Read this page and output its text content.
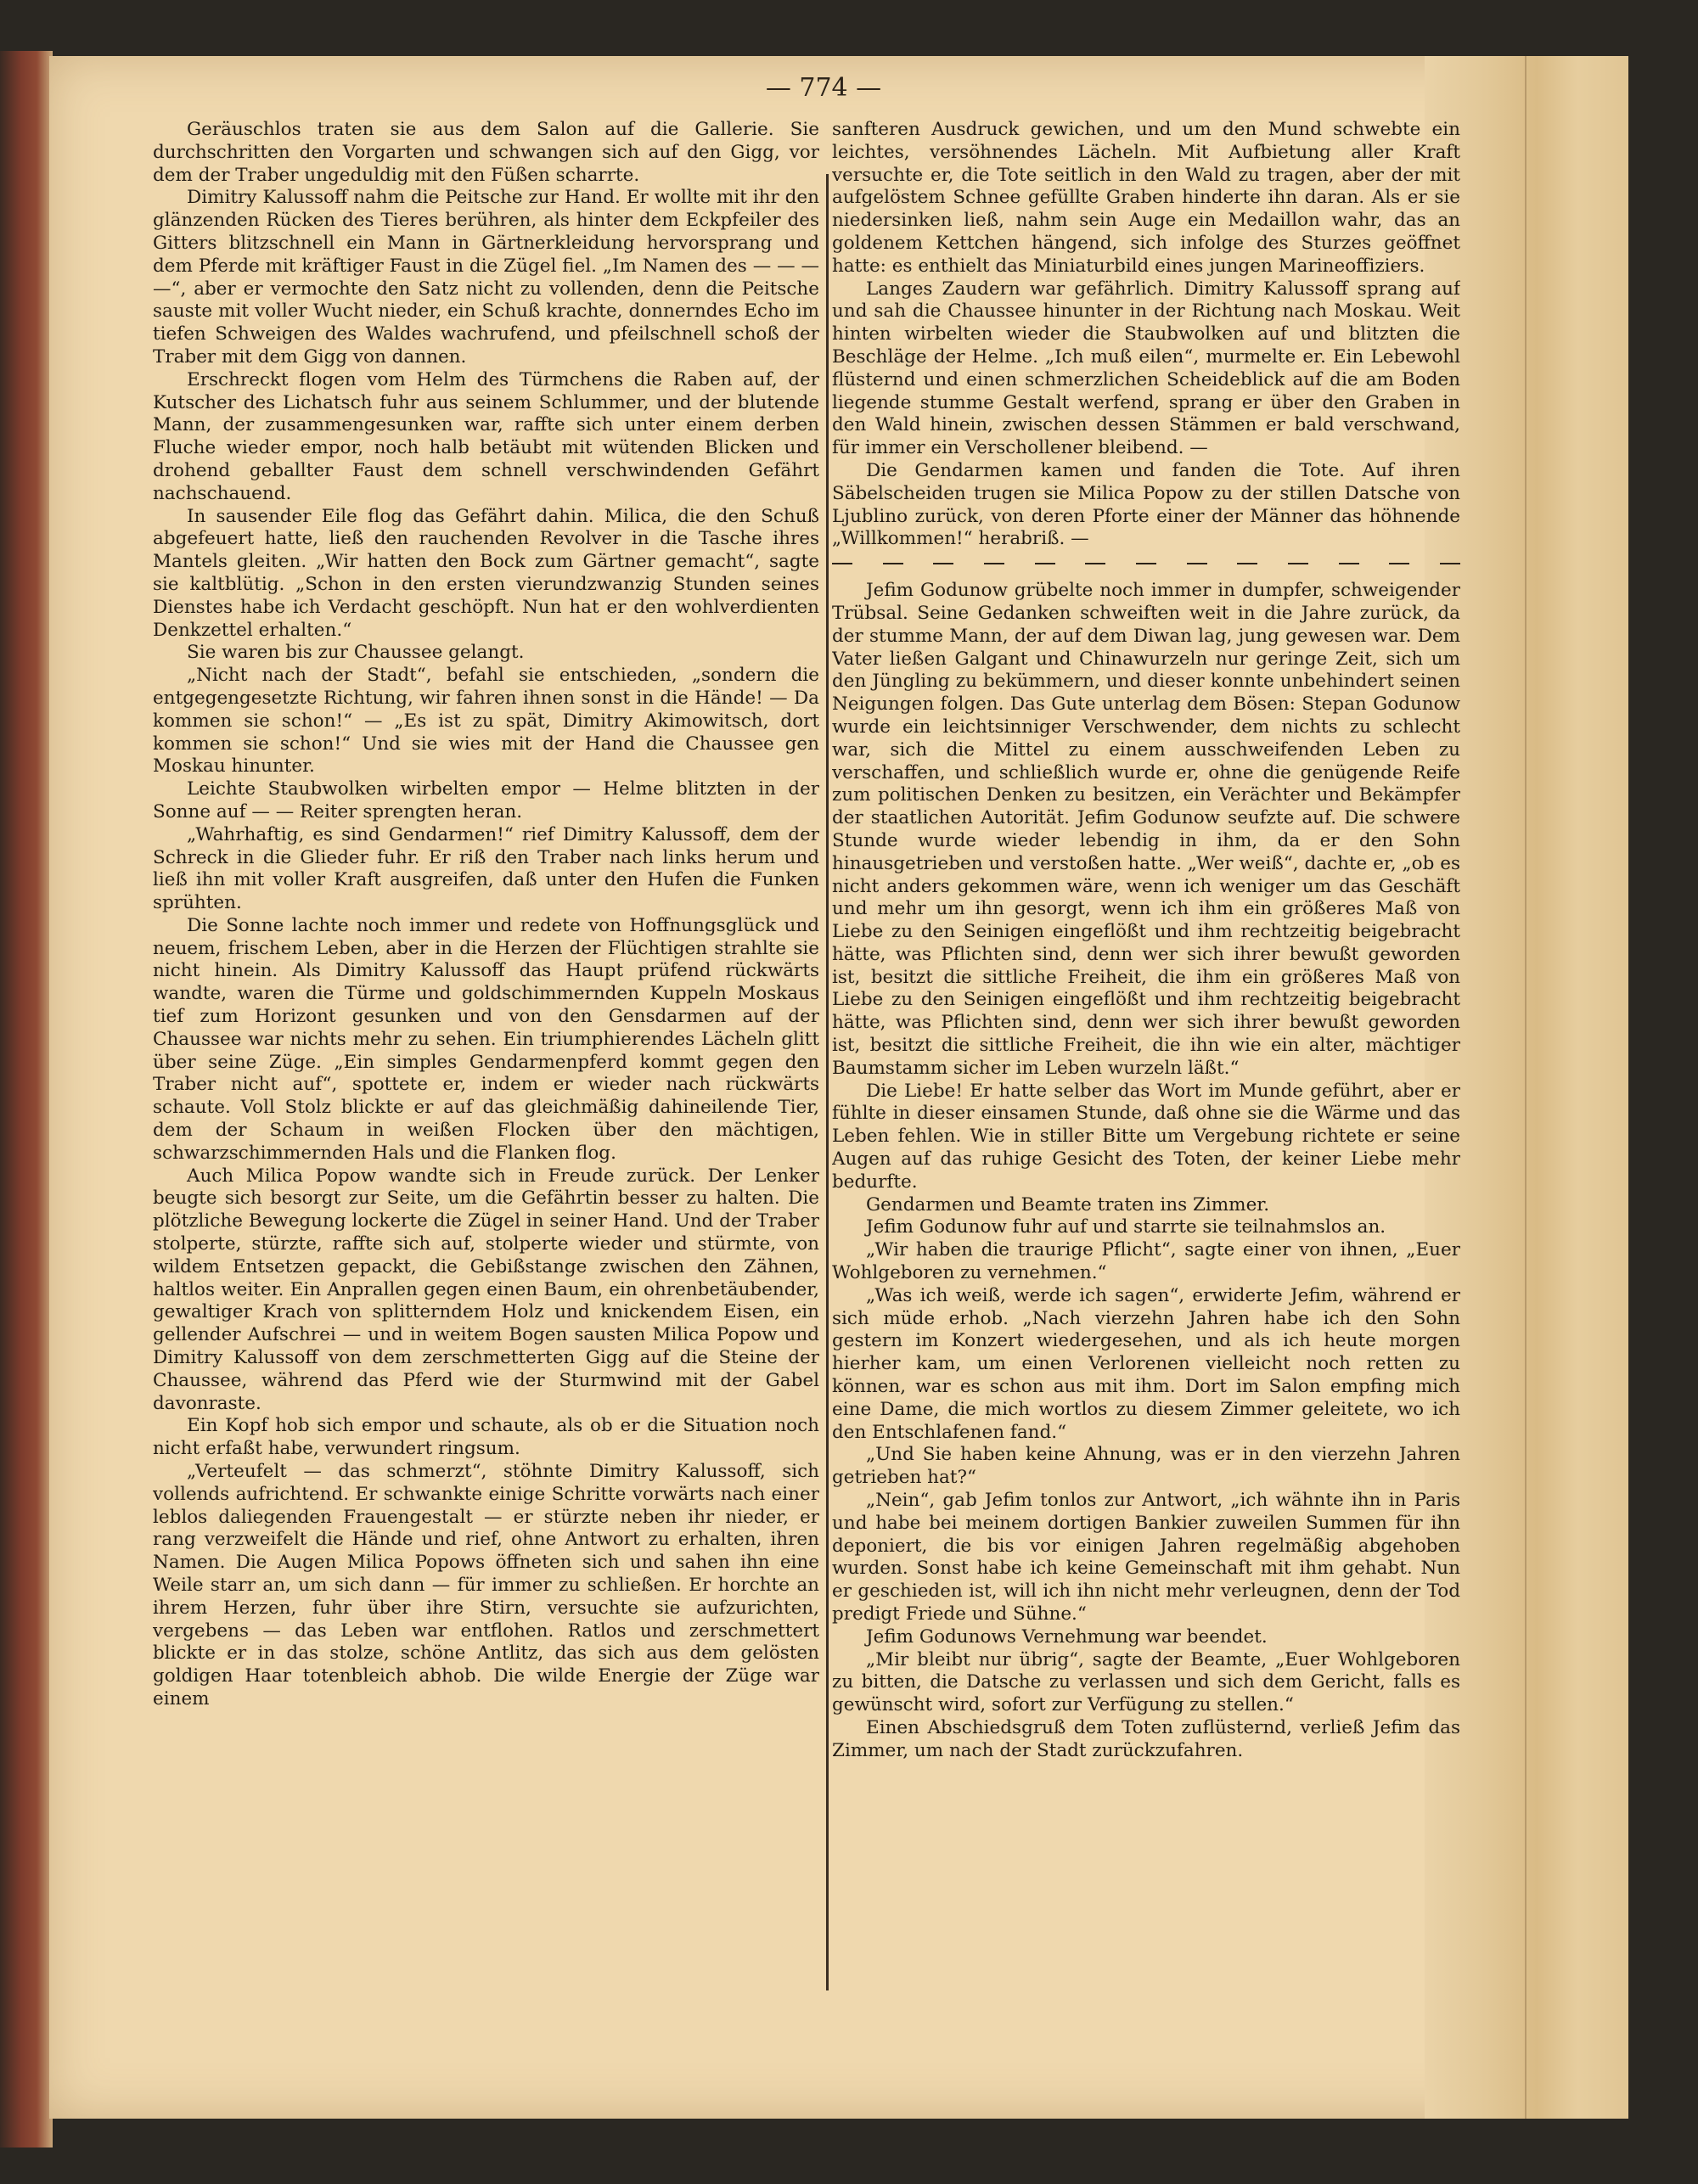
— 774 —

Geräuschlos traten sie aus dem Salon auf die Gallerie. Sie durchschritten den Vorgarten und schwangen sich auf den Gigg, vor dem der Traber ungeduldig mit den Füßen scharrte.

Dimitry Kalussoff nahm die Peitsche zur Hand. Er wollte mit ihr den glänzenden Rücken des Tieres berühren, als hinter dem Eckpfeiler des Gitters blitzschnell ein Mann in Gärtnerkleidung hervorsprang und dem Pferde mit kräftiger Faust in die Zügel fiel. „Im Namen des — — — —“, aber er vermochte den Satz nicht zu vollenden, denn die Peitsche sauste mit voller Wucht nieder, ein Schuß krachte, donnerndes Echo im tiefen Schweigen des Waldes wachrufend, und pfeilschnell schoß der Traber mit dem Gigg von dannen.

Erschreckt flogen vom Helm des Türmchens die Raben auf, der Kutscher des Lichatsch fuhr aus seinem Schlummer, und der blutende Mann, der zusammengesunken war, raffte sich unter einem derben Fluche wieder empor, noch halb betäubt mit wütenden Blicken und drohend geballter Faust dem schnell verschwindenden Gefährt nachschauend.

In sausender Eile flog das Gefährt dahin. Milica, die den Schuß abgefeuert hatte, ließ den rauchenden Revolver in die Tasche ihres Mantels gleiten. „Wir hatten den Bock zum Gärtner gemacht“, sagte sie kaltblütig. „Schon in den ersten vierundzwanzig Stunden seines Dienstes habe ich Verdacht geschöpft. Nun hat er den wohlverdienten Denkzettel erhalten.“

Sie waren bis zur Chaussee gelangt.

„Nicht nach der Stadt“, befahl sie entschieden, „sondern die entgegengesetzte Richtung, wir fahren ihnen sonst in die Hände! — Da kommen sie schon!“ — „Es ist zu spät, Dimitry Akimowitsch, dort kommen sie schon!“ Und sie wies mit der Hand die Chaussee gen Moskau hinunter.

Leichte Staubwolken wirbelten empor — Helme blitzten in der Sonne auf — — Reiter sprengten heran.

„Wahrhaftig, es sind Gendarmen!“ rief Dimitry Kalussoff, dem der Schreck in die Glieder fuhr. Er riß den Traber nach links herum und ließ ihn mit voller Kraft ausgreifen, daß unter den Hufen die Funken sprühten.

Die Sonne lachte noch immer und redete von Hoffnungsglück und neuem, frischem Leben, aber in die Herzen der Flüchtigen strahlte sie nicht hinein. Als Dimitry Kalussoff das Haupt prüfend rückwärts wandte, waren die Türme und goldschimmernden Kuppeln Moskaus tief zum Horizont gesunken und von den Gensdarmen auf der Chaussee war nichts mehr zu sehen. Ein triumphierendes Lächeln glitt über seine Züge. „Ein simples Gendarmenpferd kommt gegen den Traber nicht auf“, spottete er, indem er wieder nach rückwärts schaute. Voll Stolz blickte er auf das gleichmäßig dahineilende Tier, dem der Schaum in weißen Flocken über den mächtigen, schwarzschimmernden Hals und die Flanken flog.

Auch Milica Popow wandte sich in Freude zurück. Der Lenker beugte sich besorgt zur Seite, um die Gefährtin besser zu halten. Die plötzliche Bewegung lockerte die Zügel in seiner Hand. Und der Traber stolperte, stürzte, raffte sich auf, stolperte wieder und stürmte, von wildem Entsetzen gepackt, die Gebißstange zwischen den Zähnen, haltlos weiter. Ein Anprallen gegen einen Baum, ein ohrenbetäubender, gewaltiger Krach von splitterndem Holz und knickendem Eisen, ein gellender Aufschrei — und in weitem Bogen sausten Milica Popow und Dimitry Kalussoff von dem zerschmetterten Gigg auf die Steine der Chaussee, während das Pferd wie der Sturmwind mit der Gabel davonraste.

Ein Kopf hob sich empor und schaute, als ob er die Situation noch nicht erfaßt habe, verwundert ringsum.

„Verteufelt — das schmerzt“, stöhnte Dimitry Kalussoff, sich vollends aufrichtend. Er schwankte einige Schritte vorwärts nach einer leblos daliegenden Frauengestalt — er stürzte neben ihr nieder, er rang verzweifelt die Hände und rief, ohne Antwort zu erhalten, ihren Namen. Die Augen Milica Popows öffneten sich und sahen ihn eine Weile starr an, um sich dann — für immer zu schließen. Er horchte an ihrem Herzen, fuhr über ihre Stirn, versuchte sie aufzurichten, vergebens — das Leben war entflohen. Ratlos und zerschmettert blickte er in das stolze, schöne Antlitz, das sich aus dem gelösten goldigen Haar totenbleich abhob. Die wilde Energie der Züge war einem

sanfteren Ausdruck gewichen, und um den Mund schwebte ein leichtes, versöhnendes Lächeln. Mit Aufbietung aller Kraft versuchte er, die Tote seitlich in den Wald zu tragen, aber der mit aufgelöstem Schnee gefüllte Graben hinderte ihn daran. Als er sie niedersinken ließ, nahm sein Auge ein Medaillon wahr, das an goldenem Kettchen hängend, sich infolge des Sturzes geöffnet hatte: es enthielt das Miniaturbild eines jungen Marineoffiziers.

Langes Zaudern war gefährlich. Dimitry Kalussoff sprang auf und sah die Chaussee hinunter in der Richtung nach Moskau. Weit hinten wirbelten wieder die Staubwolken auf und blitzten die Beschläge der Helme. „Ich muß eilen“, murmelte er. Ein Lebewohl flüsternd und einen schmerzlichen Scheideblick auf die am Boden liegende stumme Gestalt werfend, sprang er über den Graben in den Wald hinein, zwischen dessen Stämmen er bald verschwand, für immer ein Verschollener bleibend. —

Die Gendarmen kamen und fanden die Tote. Auf ihren Säbelscheiden trugen sie Milica Popow zu der stillen Datsche von Ljublino zurück, von deren Pforte einer der Männer das höhnende „Willkommen!“ herabriß. —

Jefim Godunow grübelte noch immer in dumpfer, schweigender Trübsal. Seine Gedanken schweiften weit in die Jahre zurück, da der stumme Mann, der auf dem Diwan lag, jung gewesen war. Dem Vater ließen Galgant und Chinawurzeln nur geringe Zeit, sich um den Jüngling zu bekümmern, und dieser konnte unbehindert seinen Neigungen folgen. Das Gute unterlag dem Bösen: Stepan Godunow wurde ein leichtsinniger Verschwender, dem nichts zu schlecht war, sich die Mittel zu einem ausschweifenden Leben zu verschaffen, und schließlich wurde er, ohne die genügende Reife zum politischen Denken zu besitzen, ein Verächter und Bekämpfer der staatlichen Autorität. Jefim Godunow seufzte auf. Die schwere Stunde wurde wieder lebendig in ihm, da er den Sohn hinausgetrieben und verstoßen hatte. „Wer weiß“, dachte er, „ob es nicht anders gekommen wäre, wenn ich weniger um das Geschäft und mehr um ihn gesorgt, wenn ich ihm ein größeres Maß von Liebe zu den Seinigen eingeflößt und ihm rechtzeitig beigebracht hätte, was Pflichten sind, denn wer sich ihrer bewußt geworden ist, besitzt die sittliche Freiheit, die ihm ein größeres Maß von Liebe zu den Seinigen eingeflößt und ihm rechtzeitig beigebracht hätte, was Pflichten sind, denn wer sich ihrer bewußt geworden ist, besitzt die sittliche Freiheit, die ihn wie ein alter, mächtiger Baumstamm sicher im Leben wurzeln läßt.“

Die Liebe! Er hatte selber das Wort im Munde geführt, aber er fühlte in dieser einsamen Stunde, daß ohne sie die Wärme und das Leben fehlen. Wie in stiller Bitte um Vergebung richtete er seine Augen auf das ruhige Gesicht des Toten, der keiner Liebe mehr bedurfte.

Gendarmen und Beamte traten ins Zimmer.

Jefim Godunow fuhr auf und starrte sie teilnahmslos an.

„Wir haben die traurige Pflicht“, sagte einer von ihnen, „Euer Wohlgeboren zu vernehmen.“

„Was ich weiß, werde ich sagen“, erwiderte Jefim, während er sich müde erhob. „Nach vierzehn Jahren habe ich den Sohn gestern im Konzert wiedergesehen, und als ich heute morgen hierher kam, um einen Verlorenen vielleicht noch retten zu können, war es schon aus mit ihm. Dort im Salon empfing mich eine Dame, die mich wortlos zu diesem Zimmer geleitete, wo ich den Entschlafenen fand.“

„Und Sie haben keine Ahnung, was er in den vierzehn Jahren getrieben hat?“

„Nein“, gab Jefim tonlos zur Antwort, „ich wähnte ihn in Paris und habe bei meinem dortigen Bankier zuweilen Summen für ihn deponiert, die bis vor einigen Jahren regelmäßig abgehoben wurden. Sonst habe ich keine Gemeinschaft mit ihm gehabt. Nun er geschieden ist, will ich ihn nicht mehr verleugnen, denn der Tod predigt Friede und Sühne.“

Jefim Godunows Vernehmung war beendet.

„Mir bleibt nur übrig“, sagte der Beamte, „Euer Wohlgeboren zu bitten, die Datsche zu verlassen und sich dem Gericht, falls es gewünscht wird, sofort zur Verfügung zu stellen.“

Einen Abschiedsgruß dem Toten zuflüsternd, verließ Jefim das Zimmer, um nach der Stadt zurückzufahren.
